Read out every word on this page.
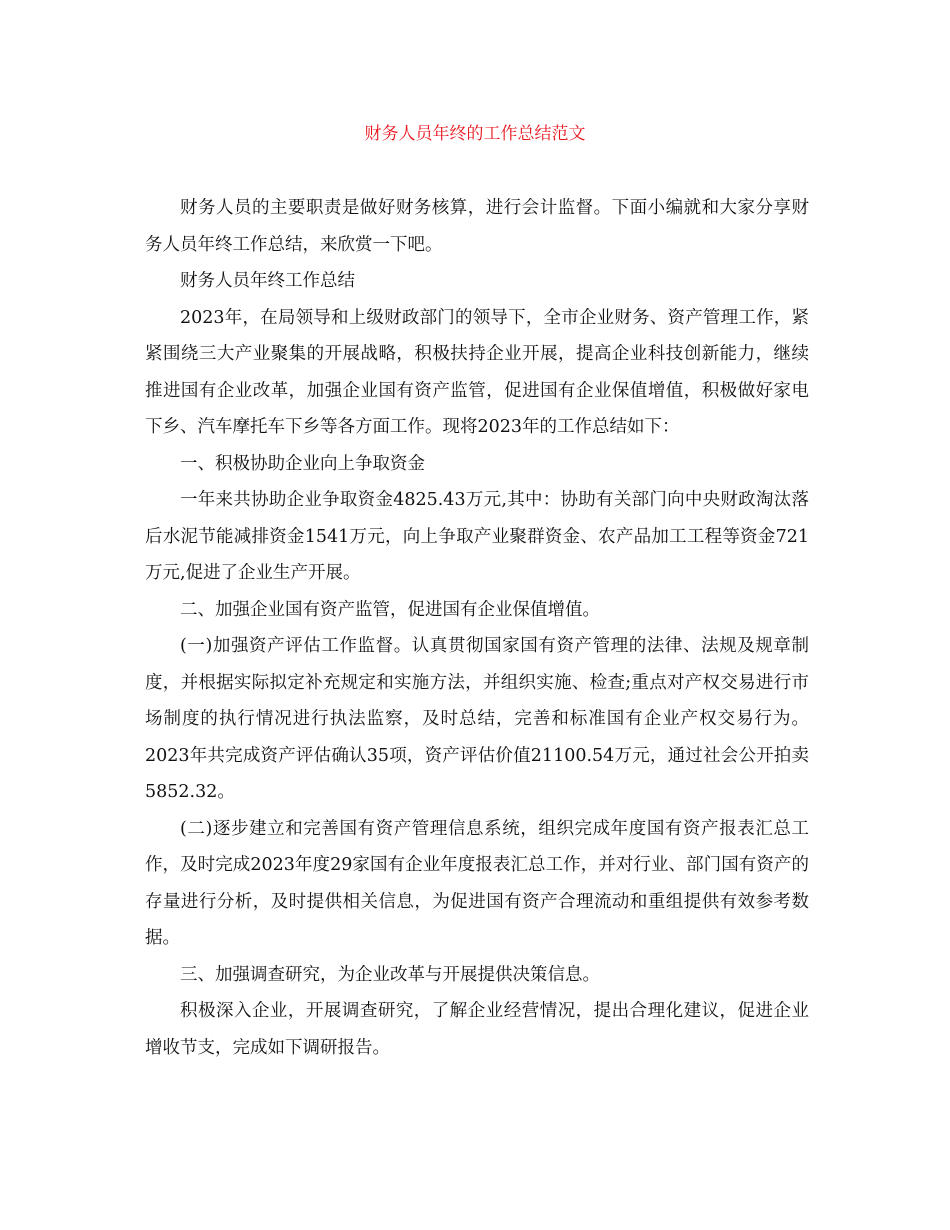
财务人员年终的工作总结范文

财务人员的主要职责是做好财务核算，进行会计监督。下面小编就和大家分享财务人员年终工作总结，来欣赏一下吧。

财务人员年终工作总结

2023年，在局领导和上级财政部门的领导下，全市企业财务、资产管理工作，紧紧围绕三大产业聚集的开展战略，积极扶持企业开展，提高企业科技创新能力，继续推进国有企业改革，加强企业国有资产监管，促进国有企业保值增值，积极做好家电下乡、汽车摩托车下乡等各方面工作。现将2023年的工作总结如下：

一、积极协助企业向上争取资金

一年来共协助企业争取资金4825.43万元,其中：协助有关部门向中央财政淘汰落后水泥节能减排资金1541万元，向上争取产业聚群资金、农产品加工工程等资金721万元,促进了企业生产开展。

二、加强企业国有资产监管，促进国有企业保值增值。

(一)加强资产评估工作监督。认真贯彻国家国有资产管理的法律、法规及规章制度，并根据实际拟定补充规定和实施方法，并组织实施、检查;重点对产权交易进行市场制度的执行情况进行执法监察，及时总结，完善和标准国有企业产权交易行为。2023年共完成资产评估确认35项，资产评估价值21100.54万元，通过社会公开拍卖5852.32。

(二)逐步建立和完善国有资产管理信息系统，组织完成年度国有资产报表汇总工作，及时完成2023年度29家国有企业年度报表汇总工作，并对行业、部门国有资产的存量进行分析，及时提供相关信息，为促进国有资产合理流动和重组提供有效参考数据。

三、加强调查研究，为企业改革与开展提供决策信息。

积极深入企业，开展调查研究，了解企业经营情况，提出合理化建议，促进企业增收节支，完成如下调研报告。
